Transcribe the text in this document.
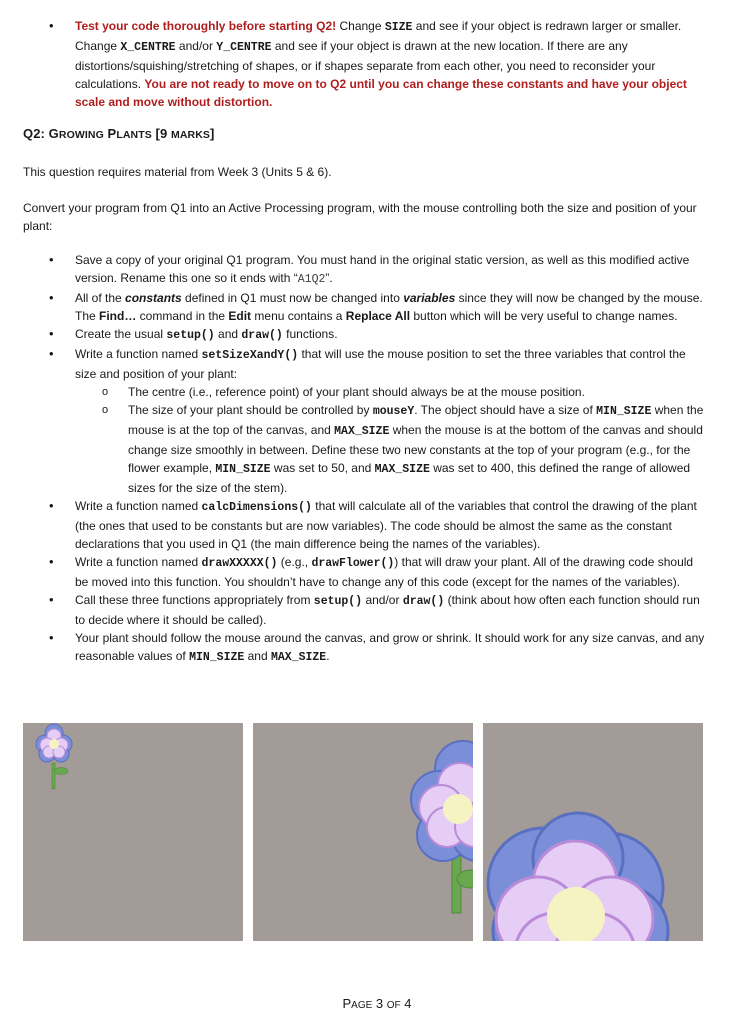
• Test your code thoroughly before starting Q2! Change SIZE and see if your object is redrawn larger or smaller. Change X_CENTRE and/or Y_CENTRE and see if your object is drawn at the new location. If there are any distortions/squishing/stretching of shapes, or if shapes separate from each other, you need to reconsider your calculations. You are not ready to move on to Q2 until you can change these constants and have your object scale and move without distortion.
Q2: GROWING PLANTS [9 MARKS]
This question requires material from Week 3 (Units 5 & 6).
Convert your program from Q1 into an Active Processing program, with the mouse controlling both the size and position of your plant:
• Save a copy of your original Q1 program. You must hand in the original static version, as well as this modified active version. Rename this one so it ends with “A1Q2”.
• All of the constants defined in Q1 must now be changed into variables since they will now be changed by the mouse. The Find… command in the Edit menu contains a Replace All button which will be very useful to change names.
• Create the usual setup() and draw() functions.
• Write a function named setSizeXandY() that will use the mouse position to set the three variables that control the size and position of your plant:
o The centre (i.e., reference point) of your plant should always be at the mouse position.
o The size of your plant should be controlled by mouseY. The object should have a size of MIN_SIZE when the mouse is at the top of the canvas, and MAX_SIZE when the mouse is at the bottom of the canvas and should change size smoothly in between. Define these two new constants at the top of your program (e.g., for the flower example, MIN_SIZE was set to 50, and MAX_SIZE was set to 400, this defined the range of allowed sizes for the size of the stem).
• Write a function named calcDimensions() that will calculate all of the variables that control the drawing of the plant (the ones that used to be constants but are now variables). The code should be almost the same as the constant declarations that you used in Q1 (the main difference being the names of the variables).
• Write a function named drawXXXXX() (e.g., drawFlower()) that will draw your plant. All of the drawing code should be moved into this function. You shouldn’t have to change any of this code (except for the names of the variables).
• Call these three functions appropriately from setup() and/or draw() (think about how often each function should run to decide where it should be called).
• Your plant should follow the mouse around the canvas, and grow or shrink. It should work for any size canvas, and any reasonable values of MIN_SIZE and MAX_SIZE.
PAGE 3 OF 4
